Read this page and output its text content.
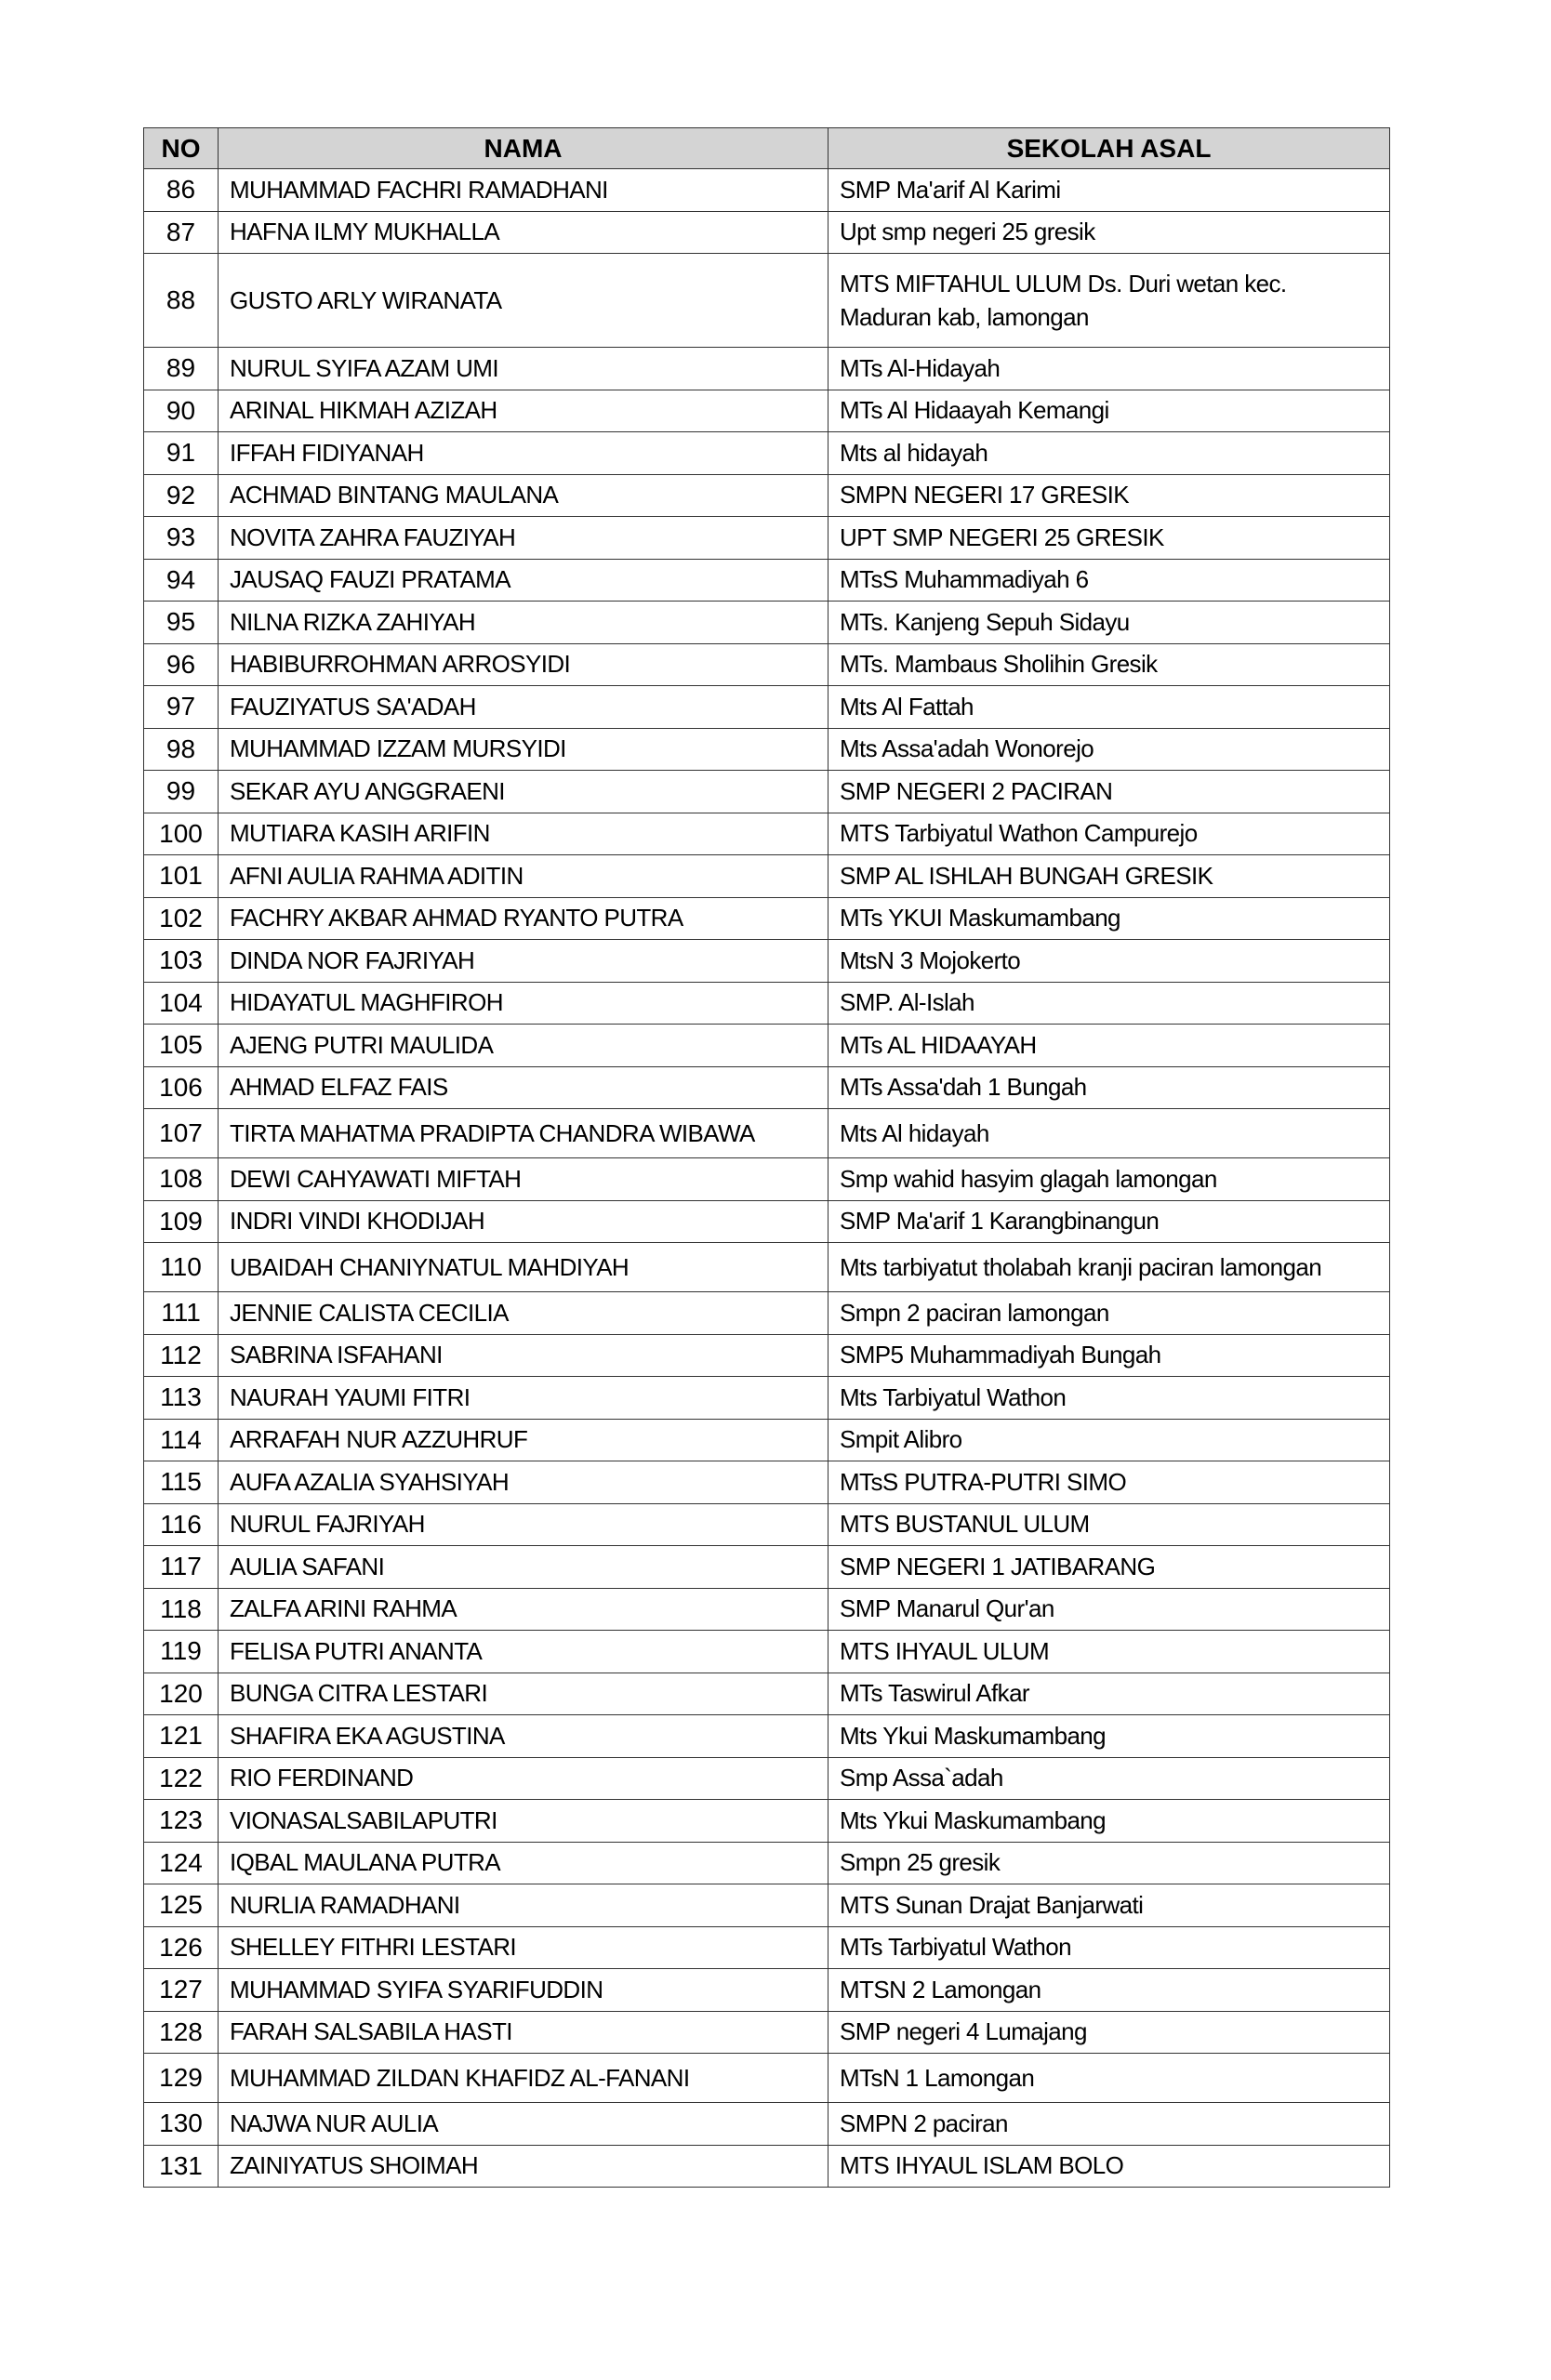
NO	NAMA	SEKOLAH ASAL
86	MUHAMMAD FACHRI RAMADHANI	SMP Ma'arif Al Karimi
87	HAFNA ILMY MUKHALLA	Upt smp negeri 25 gresik
88	GUSTO ARLY WIRANATA	MTS MIFTAHUL ULUM Ds. Duri wetan kec. Maduran kab, lamongan
89	NURUL SYIFA AZAM UMI	MTs Al-Hidayah
90	ARINAL HIKMAH AZIZAH	MTs Al Hidaayah Kemangi
91	IFFAH FIDIYANAH	Mts al hidayah
92	ACHMAD BINTANG MAULANA	SMPN NEGERI 17 GRESIK
93	NOVITA ZAHRA FAUZIYAH	UPT SMP NEGERI 25 GRESIK
94	JAUSAQ FAUZI PRATAMA	MTsS Muhammadiyah 6
95	NILNA RIZKA ZAHIYAH	MTs. Kanjeng Sepuh Sidayu
96	HABIBURROHMAN ARROSYIDI	MTs. Mambaus Sholihin Gresik
97	FAUZIYATUS SA'ADAH	Mts Al Fattah
98	MUHAMMAD IZZAM MURSYIDI	Mts Assa'adah Wonorejo
99	SEKAR AYU ANGGRAENI	SMP NEGERI 2 PACIRAN
100	MUTIARA KASIH ARIFIN	MTS Tarbiyatul Wathon Campurejo
101	AFNI AULIA RAHMA ADITIN	SMP AL ISHLAH BUNGAH GRESIK
102	FACHRY AKBAR AHMAD RYANTO PUTRA	MTs YKUI Maskumambang
103	DINDA NOR FAJRIYAH	MtsN 3 Mojokerto
104	HIDAYATUL MAGHFIROH	SMP. Al-Islah
105	AJENG PUTRI MAULIDA	MTs AL HIDAAYAH
106	AHMAD ELFAZ FAIS	MTs Assa'dah 1 Bungah
107	TIRTA MAHATMA PRADIPTA CHANDRA WIBAWA	Mts Al hidayah
108	DEWI CAHYAWATI MIFTAH	Smp wahid hasyim glagah lamongan
109	INDRI VINDI KHODIJAH	SMP Ma'arif 1 Karangbinangun
110	UBAIDAH CHANIYNATUL MAHDIYAH	Mts tarbiyatut tholabah kranji paciran lamongan
111	JENNIE CALISTA CECILIA	Smpn 2 paciran lamongan
112	SABRINA ISFAHANI	SMP5 Muhammadiyah Bungah
113	NAURAH YAUMI FITRI	Mts Tarbiyatul Wathon
114	ARRAFAH NUR AZZUHRUF	Smpit Alibro
115	AUFA AZALIA SYAHSIYAH	MTsS PUTRA-PUTRI SIMO
116	NURUL FAJRIYAH	MTS BUSTANUL ULUM
117	AULIA SAFANI	SMP NEGERI 1 JATIBARANG
118	ZALFA ARINI RAHMA	SMP Manarul Qur'an
119	FELISA PUTRI ANANTA	MTS IHYAUL ULUM
120	BUNGA CITRA LESTARI	MTs Taswirul Afkar
121	SHAFIRA EKA AGUSTINA	Mts Ykui Maskumambang
122	RIO FERDINAND	Smp Assa`adah
123	VIONASALSABILAPUTRI	Mts Ykui Maskumambang
124	IQBAL MAULANA PUTRA	Smpn 25 gresik
125	NURLIA RAMADHANI	MTS Sunan Drajat Banjarwati
126	SHELLEY FITHRI LESTARI	MTs Tarbiyatul Wathon
127	MUHAMMAD SYIFA SYARIFUDDIN	MTSN 2 Lamongan
128	FARAH SALSABILA HASTI	SMP negeri 4 Lumajang
129	MUHAMMAD ZILDAN KHAFIDZ AL-FANANI	MTsN 1 Lamongan
130	NAJWA NUR AULIA	SMPN 2 paciran
131	ZAINIYATUS SHOIMAH	MTS IHYAUL ISLAM BOLO
